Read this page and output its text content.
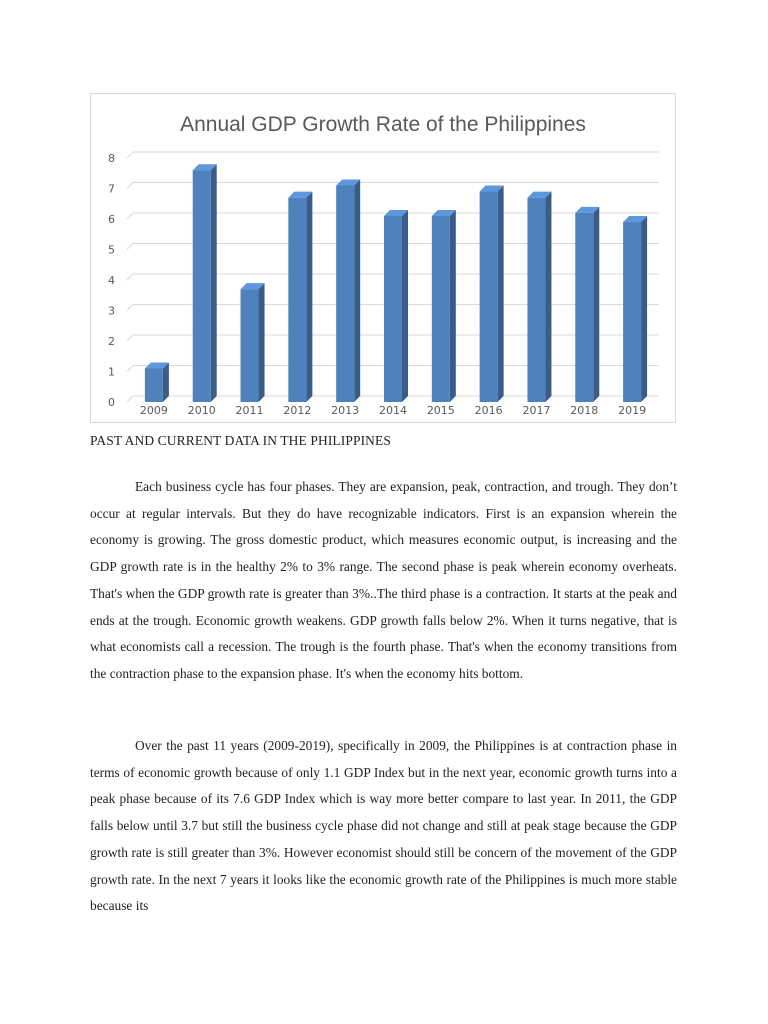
Annual GDP Growth Rate of the Philippines
0
1
2
3
4
5
6
7
8
2009 2010 2011 2012 2013 2014 2015 2016 2017 2018 2019
PAST AND CURRENT DATA IN THE PHILIPPINES

Each business cycle has four phases. They are expansion, peak, contraction, and trough. They don’t occur at regular intervals. But they do have recognizable indicators. First is an expansion wherein the economy is growing. The gross domestic product, which measures economic output, is increasing and the GDP growth rate is in the healthy 2% to 3% range. The second phase is peak wherein economy overheats. That's when the GDP growth rate is greater than 3%..The third phase is a contraction. It starts at the peak and ends at the trough. Economic growth weakens. GDP growth falls below 2%. When it turns negative, that is what economists call a recession. The trough is the fourth phase. That's when the economy transitions from the contraction phase to the expansion phase. It's when the economy hits bottom.

Over the past 11 years (2009-2019), specifically in 2009, the Philippines is at contraction phase in terms of economic growth because of only 1.1 GDP Index but in the next year, economic growth turns into a peak phase because of its 7.6 GDP Index which is way more better compare to last year. In 2011, the GDP falls below until 3.7 but still the business cycle phase did not change and still at peak stage because the GDP growth rate is still greater than 3%. However economist should still be concern of the movement of the GDP growth rate. In the next 7 years it looks like the economic growth rate of the Philippines is much more stable because its
